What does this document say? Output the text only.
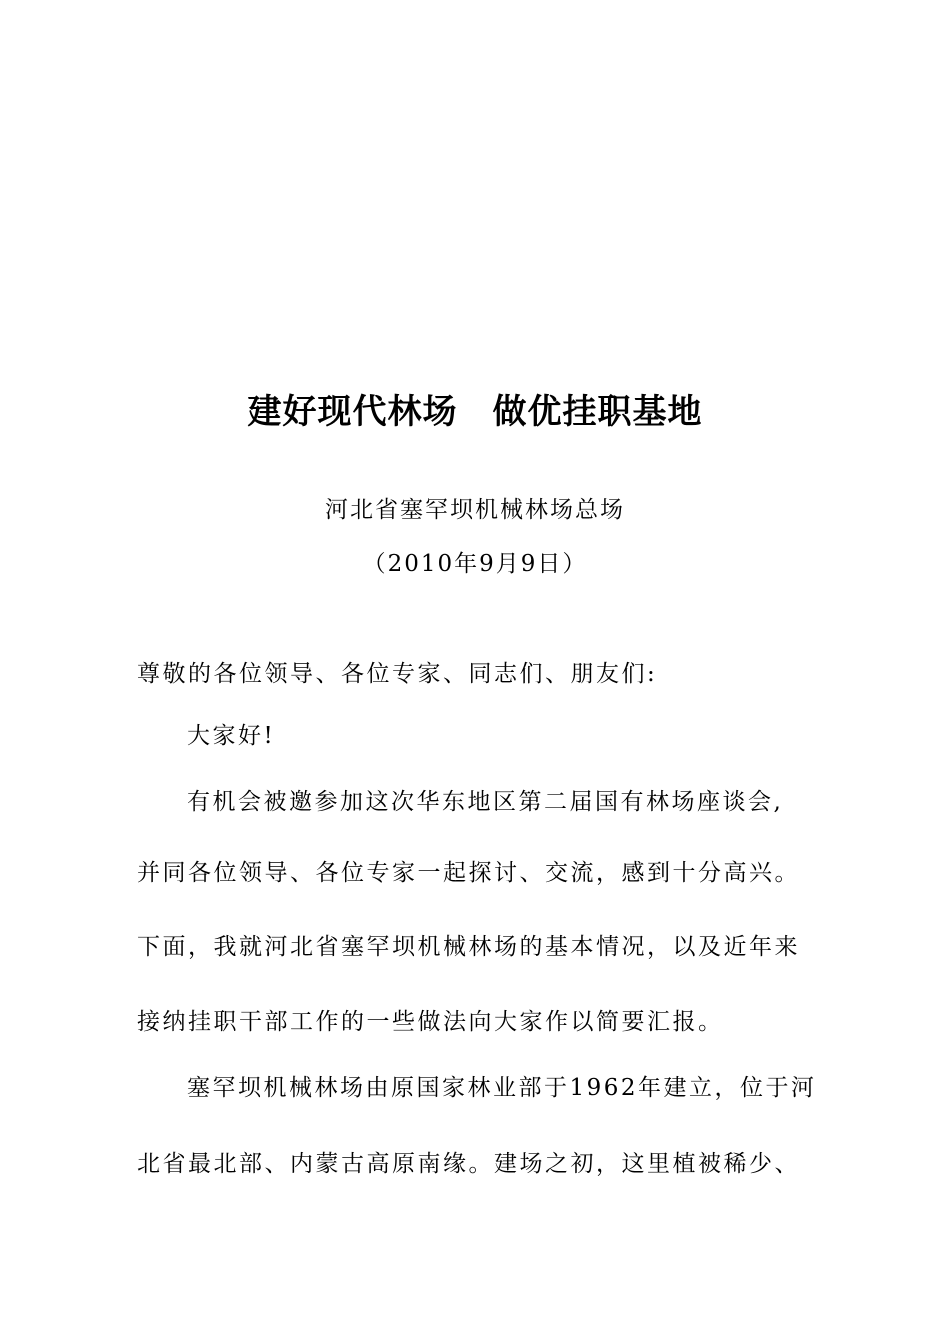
建好现代林场　做优挂职基地
河北省塞罕坝机械林场总场
（2010年9月9日）
尊敬的各位领导、各位专家、同志们、朋友们:
大家好!
有机会被邀参加这次华东地区第二届国有林场座谈会,
并同各位领导、各位专家一起探讨、交流，感到十分高兴。
下面，我就河北省塞罕坝机械林场的基本情况，以及近年来
接纳挂职干部工作的一些做法向大家作以简要汇报。
塞罕坝机械林场由原国家林业部于1962年建立，位于河
北省最北部、内蒙古高原南缘。建场之初，这里植被稀少、
